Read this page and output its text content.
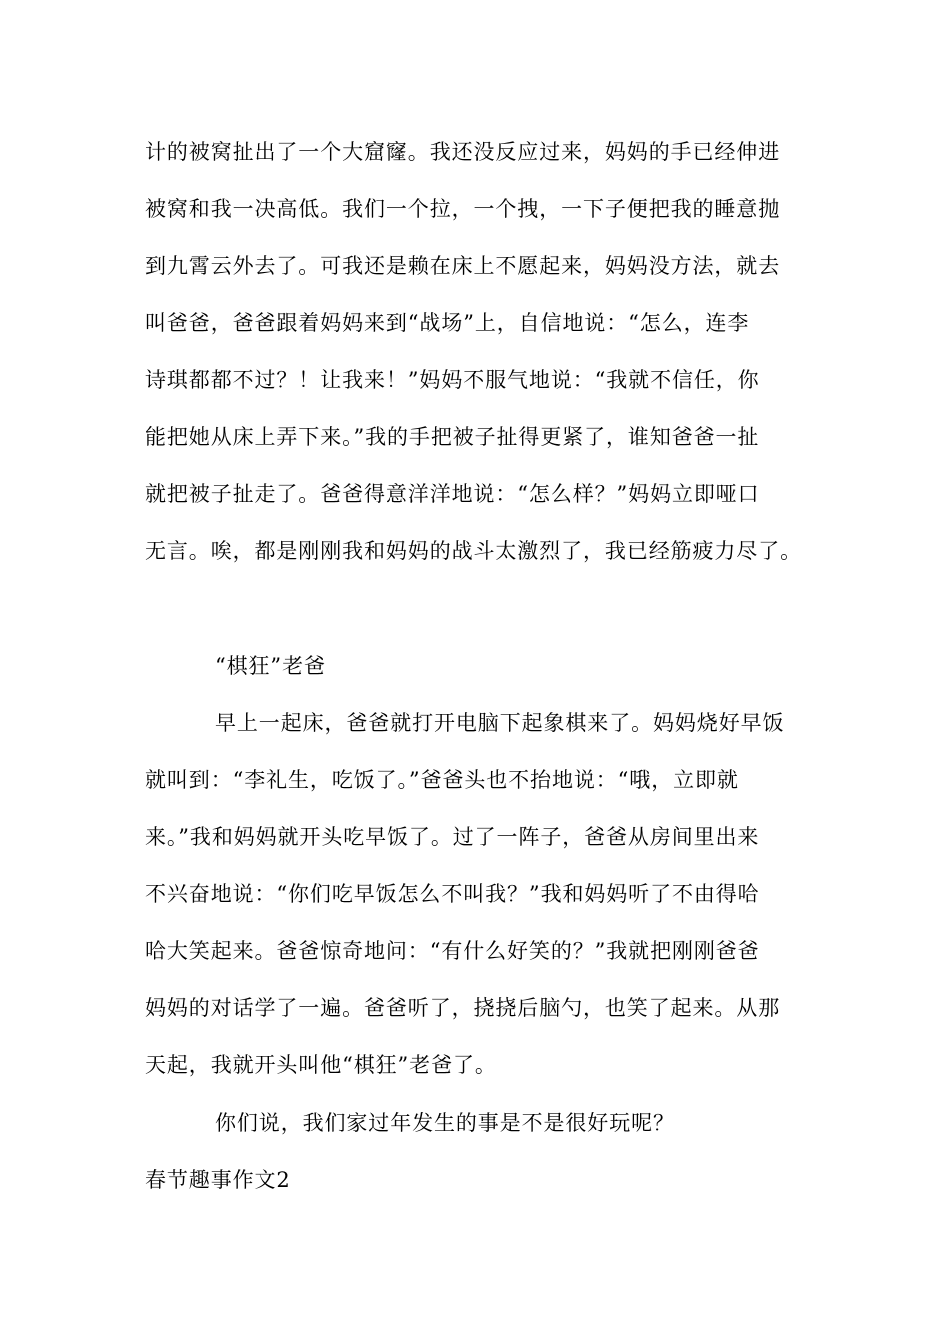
计的被窝扯出了一个大窟窿。我还没反应过来，妈妈的手已经伸进
被窝和我一决高低。我们一个拉，一个拽，一下子便把我的睡意抛
到九霄云外去了。可我还是赖在床上不愿起来，妈妈没方法，就去
叫爸爸，爸爸跟着妈妈来到“战场”上，自信地说：“怎么，连李
诗琪都都不过？！让我来！”妈妈不服气地说：“我就不信任，你
能把她从床上弄下来。”我的手把被子扯得更紧了，谁知爸爸一扯
就把被子扯走了。爸爸得意洋洋地说：“怎么样？”妈妈立即哑口
无言。唉，都是刚刚我和妈妈的战斗太激烈了，我已经筋疲力尽了。
“棋狂”老爸
早上一起床，爸爸就打开电脑下起象棋来了。妈妈烧好早饭
就叫到：“李礼生，吃饭了。”爸爸头也不抬地说：“哦，立即就
来。”我和妈妈就开头吃早饭了。过了一阵子，爸爸从房间里出来
不兴奋地说：“你们吃早饭怎么不叫我？”我和妈妈听了不由得哈
哈大笑起来。爸爸惊奇地问：“有什么好笑的？”我就把刚刚爸爸
妈妈的对话学了一遍。爸爸听了，挠挠后脑勺，也笑了起来。从那
天起，我就开头叫他“棋狂”老爸了。
你们说，我们家过年发生的事是不是很好玩呢？
春节趣事作文2
